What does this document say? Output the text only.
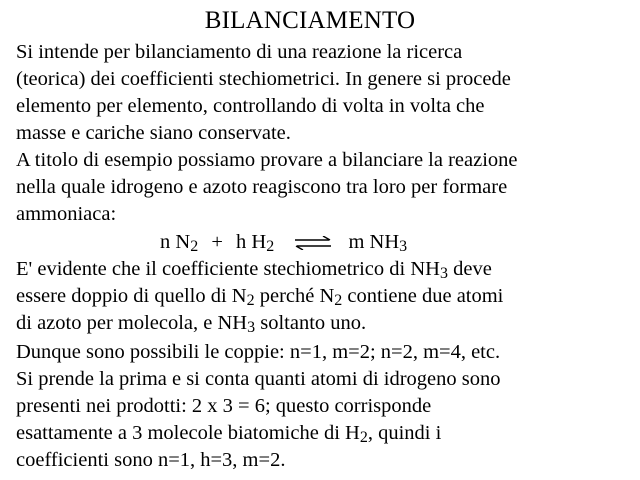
BILANCIAMENTO
Si intende per bilanciamento di una reazione la ricerca
(teorica) dei coefficienti stechiometrici. In genere si procede
elemento per elemento, controllando di volta in volta che
masse e cariche siano conservate.
A titolo di esempio possiamo provare a bilanciare la reazione
nella quale idrogeno e azoto reagiscono tra loro per formare
ammoniaca:
n N2 + h H2 ⇌ m NH3
E' evidente che il coefficiente stechiometrico di NH3 deve
essere doppio di quello di N2 perché N2 contiene due atomi
di azoto per molecola, e NH3 soltanto uno.
Dunque sono possibili le coppie: n=1, m=2; n=2, m=4, etc.
Si prende la prima e si conta quanti atomi di idrogeno sono
presenti nei prodotti: 2 x 3 = 6; questo corrisponde
esattamente a 3 molecole biatomiche di H2, quindi i
coefficienti sono n=1, h=3, m=2.
